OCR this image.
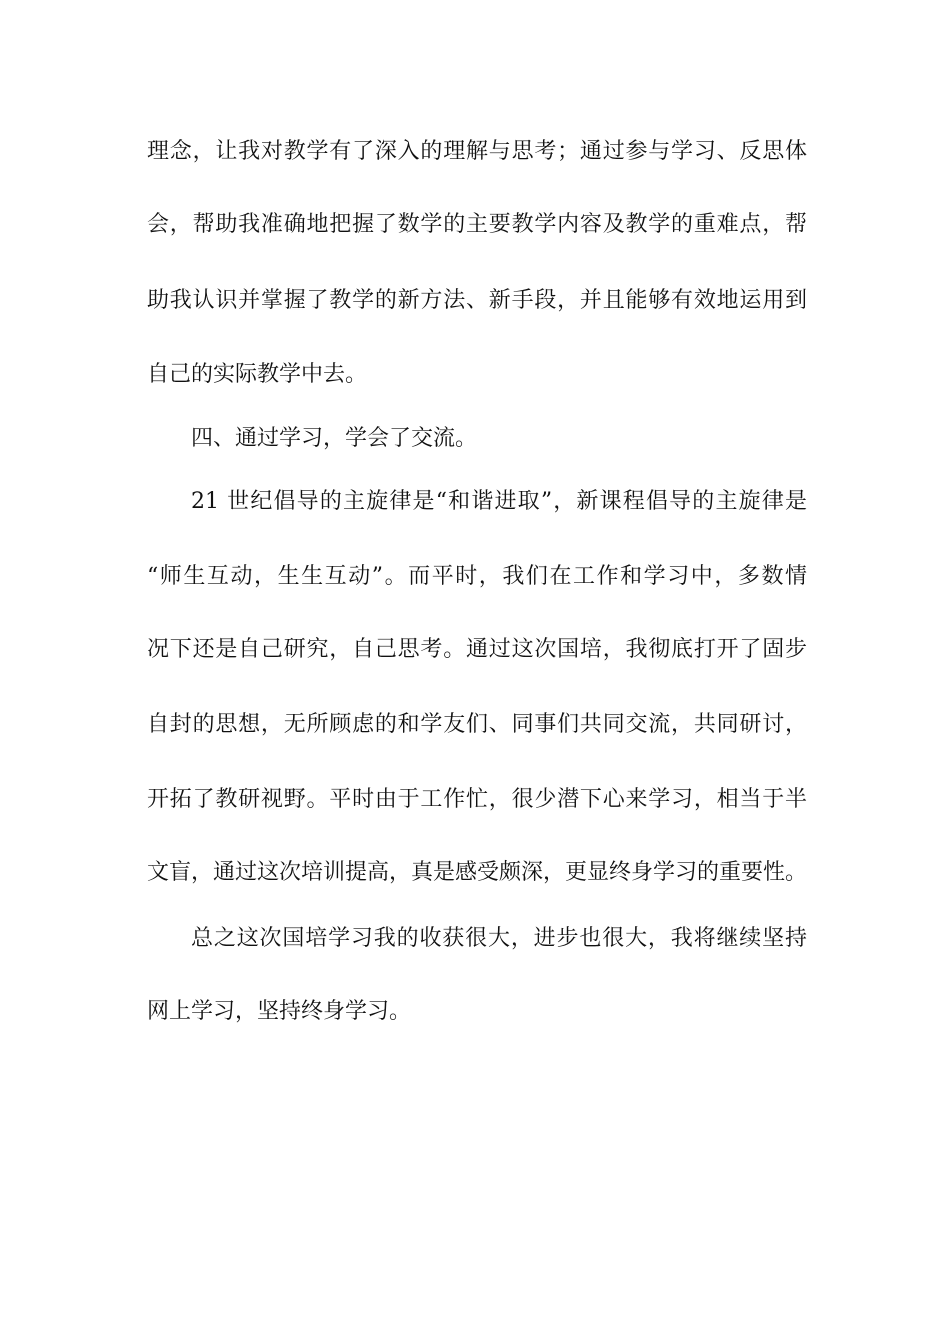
理念，让我对教学有了深入的理解与思考；通过参与学习、反思体
会，帮助我准确地把握了数学的主要教学内容及教学的重难点，帮
助我认识并掌握了教学的新方法、新手段，并且能够有效地运用到
自己的实际教学中去。
四、通过学习，学会了交流。
21 世纪倡导的主旋律是“和谐进取”，新课程倡导的主旋律是
“师生互动，生生互动”。而平时，我们在工作和学习中，多数情
况下还是自己研究，自己思考。通过这次国培，我彻底打开了固步
自封的思想，无所顾虑的和学友们、同事们共同交流，共同研讨，
开拓了教研视野。平时由于工作忙，很少潜下心来学习，相当于半
文盲，通过这次培训提高，真是感受颇深，更显终身学习的重要性。
总之这次国培学习我的收获很大，进步也很大，我将继续坚持
网上学习，坚持终身学习。
